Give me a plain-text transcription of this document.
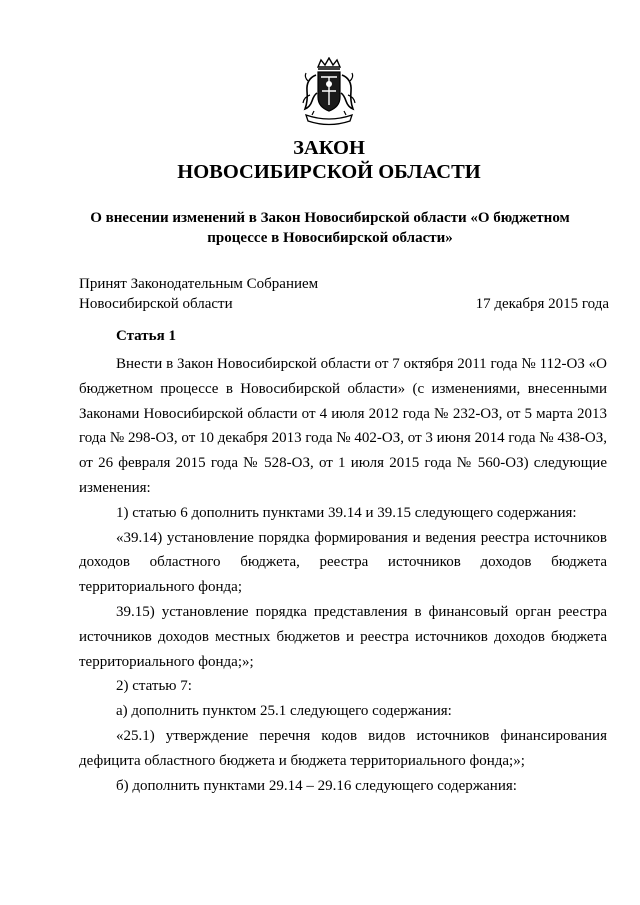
ЗАКОН
НОВОСИБИРСКОЙ ОБЛАСТИ
О внесении изменений в Закон Новосибирской области «О бюджетном
процессе в Новосибирской области»
Принят Законодательным Собранием
Новосибирской области	17 декабря 2015 года
Статья 1

Внести в Закон Новосибирской области от 7 октября 2011 года № 112-ОЗ «О бюджетном процессе в Новосибирской области» (с изменениями, внесенными Законами Новосибирской области от 4 июля 2012 года № 232-ОЗ, от 5 марта 2013 года № 298-ОЗ, от 10 декабря 2013 года № 402-ОЗ, от 3 июня 2014 года № 438-ОЗ, от 26 февраля 2015 года № 528-ОЗ, от 1 июля 2015 года № 560-ОЗ) следующие изменения:

1) статью 6 дополнить пунктами 39.14 и 39.15 следующего содержания:

«39.14) установление порядка формирования и ведения реестра источников доходов областного бюджета, реестра источников доходов бюджета территориального фонда;

39.15) установление порядка представления в финансовый орган реестра источников доходов местных бюджетов и реестра источников доходов бюджета территориального фонда;»;

2) статью 7:

а) дополнить пунктом 25.1 следующего содержания:

«25.1) утверждение перечня кодов видов источников финансирования дефицита областного бюджета и бюджета территориального фонда;»;

б) дополнить пунктами 29.14 – 29.16 следующего содержания:
